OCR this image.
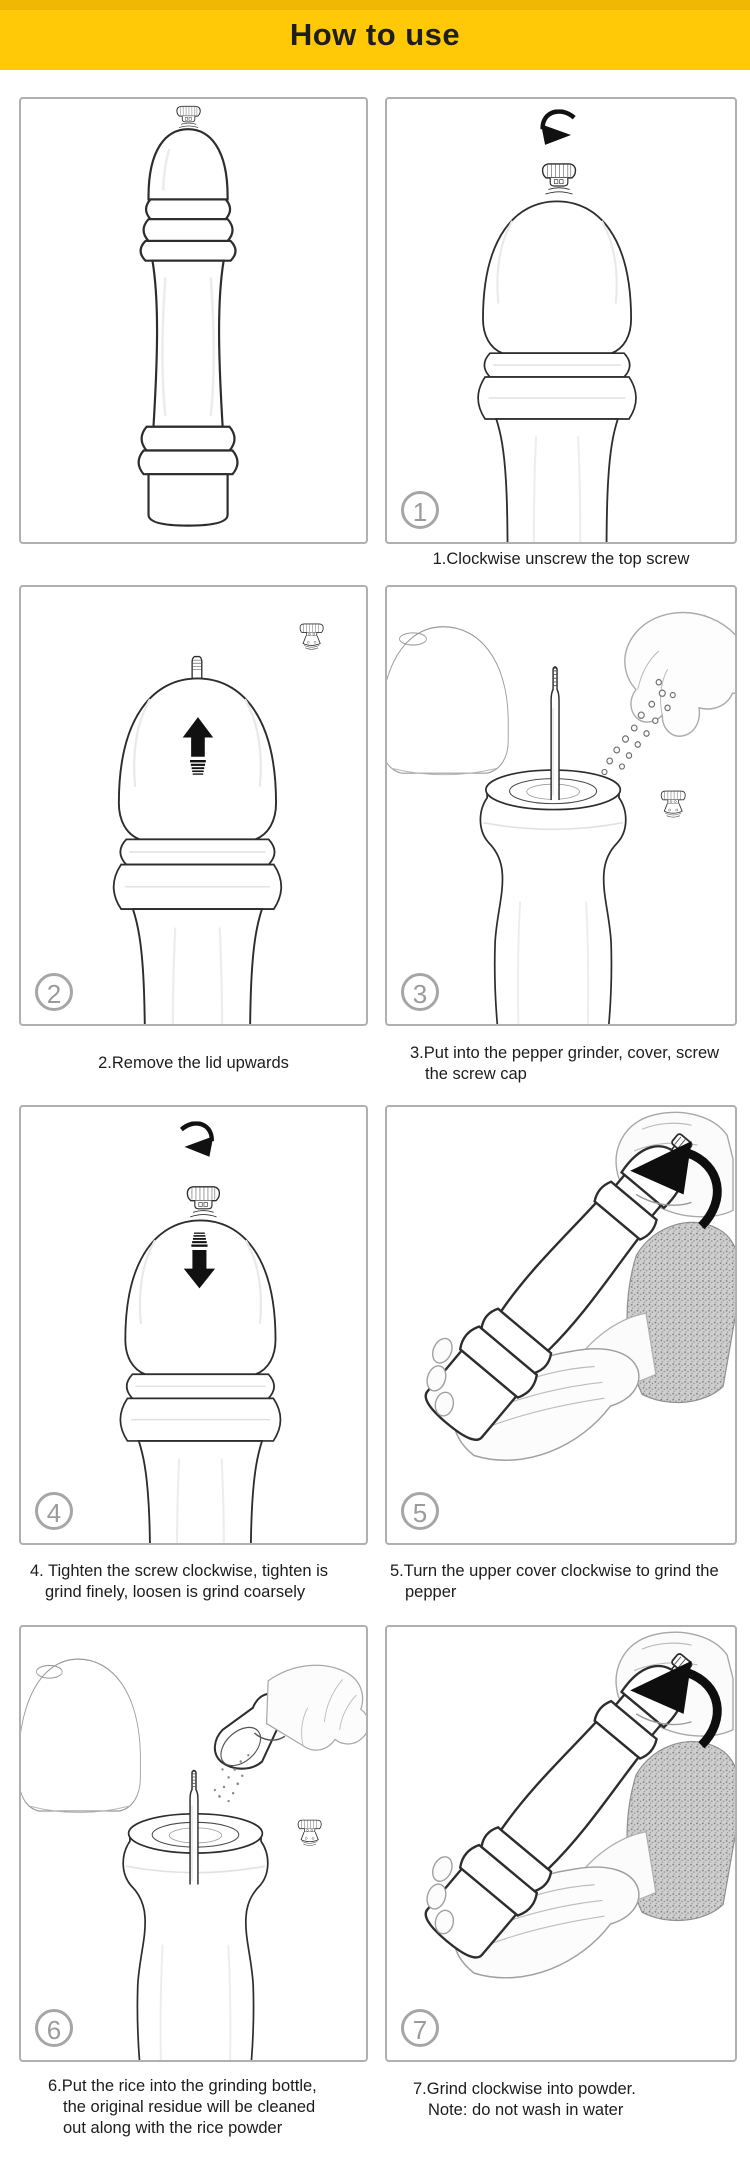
How to use
1
2	3
4	5
6	7
1.Clockwise unscrew the top screw
2.Remove the lid upwards
3.Put into the pepper grinder, cover, screw
the screw cap
4. Tighten the screw clockwise, tighten is
grind finely, loosen is grind coarsely
5.Turn the upper cover clockwise to grind the
pepper
6.Put the rice into the grinding bottle,
the original residue will be cleaned
out along with the rice powder
7.Grind clockwise into powder.
Note: do not wash in water
